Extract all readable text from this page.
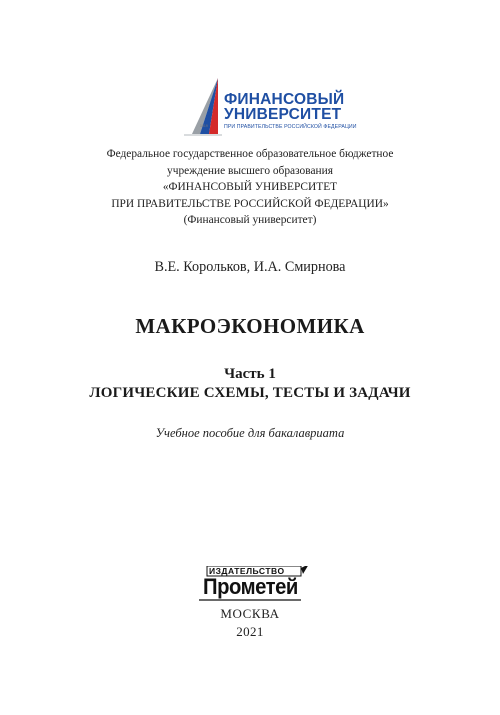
ФИНАНСОВЫЙ
УНИВЕРСИТЕТ
1919	ПРИ ПРАВИТЕЛЬСТВЕ РОССИЙСКОЙ ФЕДЕРАЦИИ
Федеральное государственное образовательное бюджетное
учреждение высшего образования
«ФИНАНСОВЫЙ УНИВЕРСИТЕТ
ПРИ ПРАВИТЕЛЬСТВЕ РОССИЙСКОЙ ФЕДЕРАЦИИ»
(Финансовый университет)
В.Е. Корольков, И.А. Смирнова
МАКРОЭКОНОМИКА
Часть 1
ЛОГИЧЕСКИЕ СХЕМЫ, ТЕСТЫ И ЗАДАЧИ
Учебное пособие для бакалавриата
ИЗДАТЕЛЬСТВО
Прометей
МОСКВА
2021
